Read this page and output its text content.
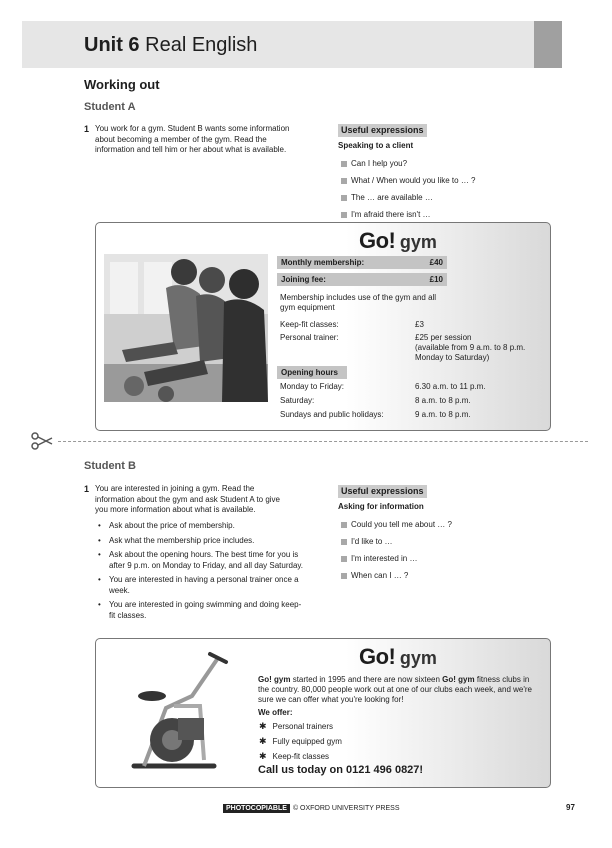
Unit 6 Real English
Working out
Student A
1 You work for a gym. Student B wants some information about becoming a member of the gym. Read the information and tell him or her about what is available.
Useful expressions
Speaking to a client
Can I help you?
What / When would you like to … ?
The … are available …
I'm afraid there isn't …
Go! gym
Monthly membership:	£40
Joining fee:	£10
Membership includes use of the gym and all gym equipment
Keep-fit classes:	£3
Personal trainer:	£25 per session
(available from 9 a.m. to 8 p.m. Monday to Saturday)
Opening hours
Monday to Friday:	6.30 a.m. to 11 p.m.
Saturday:	8 a.m. to 8 p.m.
Sundays and public holidays:	9 a.m. to 8 p.m.
Student B
1 You are interested in joining a gym. Read the information about the gym and ask Student A to give you more information about what is available.
• Ask about the price of membership.
• Ask what the membership price includes.
• Ask about the opening hours. The best time for you is after 9 p.m. on Monday to Friday, and all day Saturday.
• You are interested in having a personal trainer once a week.
• You are interested in going swimming and doing keep-fit classes.
Useful expressions
Asking for information
Could you tell me about … ?
I'd like to …
I'm interested in …
When can I … ?
Go! gym
Go! gym started in 1995 and there are now sixteen Go! gym fitness clubs in the country. 80,000 people work out at one of our clubs each week, and we're sure we can offer what you're looking for!
We offer:
✱ Personal trainers
✱ Fully equipped gym
✱ Keep-fit classes
Call us today on 0121 496 0827!
PHOTOCOPIABLE © OXFORD UNIVERSITY PRESS	97
